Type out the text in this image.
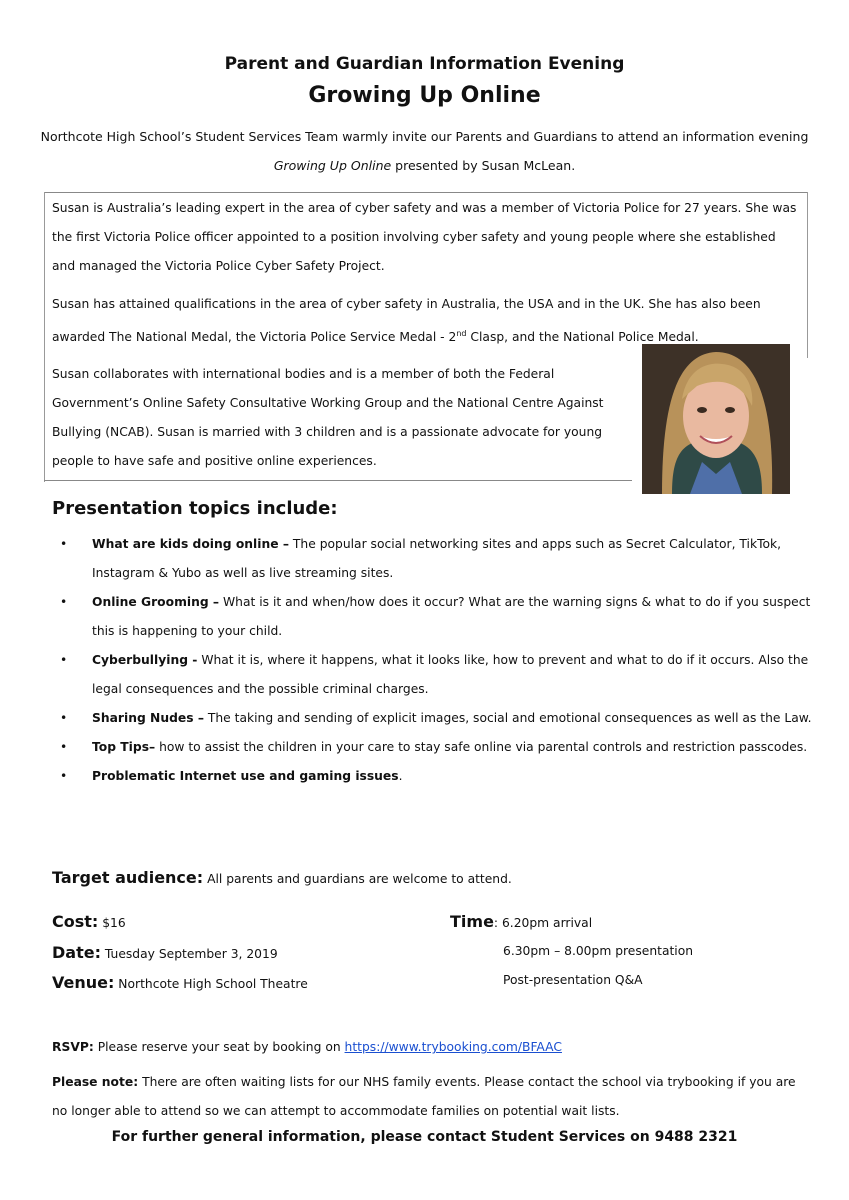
Parent and Guardian Information Evening
Growing Up Online
Northcote High School’s Student Services Team warmly invite our Parents and Guardians to attend an information evening Growing Up Online presented by Susan McLean.
Susan is Australia’s leading expert in the area of cyber safety and was a member of Victoria Police for 27 years. She was the first Victoria Police officer appointed to a position involving cyber safety and young people where she established and managed the Victoria Police Cyber Safety Project.
Susan has attained qualifications in the area of cyber safety in Australia, the USA and in the UK. She has also been awarded The National Medal, the Victoria Police Service Medal - 2nd Clasp, and the National Police Medal.
Susan collaborates with international bodies and is a member of both the Federal Government’s Online Safety Consultative Working Group and the National Centre Against Bullying (NCAB). Susan is married with 3 children and is a passionate advocate for young people to have safe and positive online experiences.
Presentation topics include:
• What are kids doing online – The popular social networking sites and apps such as Secret Calculator, TikTok, Instagram & Yubo as well as live streaming sites.
• Online Grooming – What is it and when/how does it occur? What are the warning signs & what to do if you suspect this is happening to your child.
• Cyberbullying - What it is, where it happens, what it looks like, how to prevent and what to do if it occurs. Also the legal consequences and the possible criminal charges.
• Sharing Nudes – The taking and sending of explicit images, social and emotional consequences as well as the Law.
• Top Tips– how to assist the children in your care to stay safe online via parental controls and restriction passcodes.
• Problematic Internet use and gaming issues.
Target audience: All parents and guardians are welcome to attend.
Cost: $16
Date: Tuesday September 3, 2019
Venue: Northcote High School Theatre
Time: 6.20pm arrival
6.30pm – 8.00pm presentation
Post-presentation Q&A
RSVP: Please reserve your seat by booking on https://www.trybooking.com/BFAAC
Please note: There are often waiting lists for our NHS family events. Please contact the school via trybooking if you are no longer able to attend so we can attempt to accommodate families on potential wait lists.
For further general information, please contact Student Services on 9488 2321
